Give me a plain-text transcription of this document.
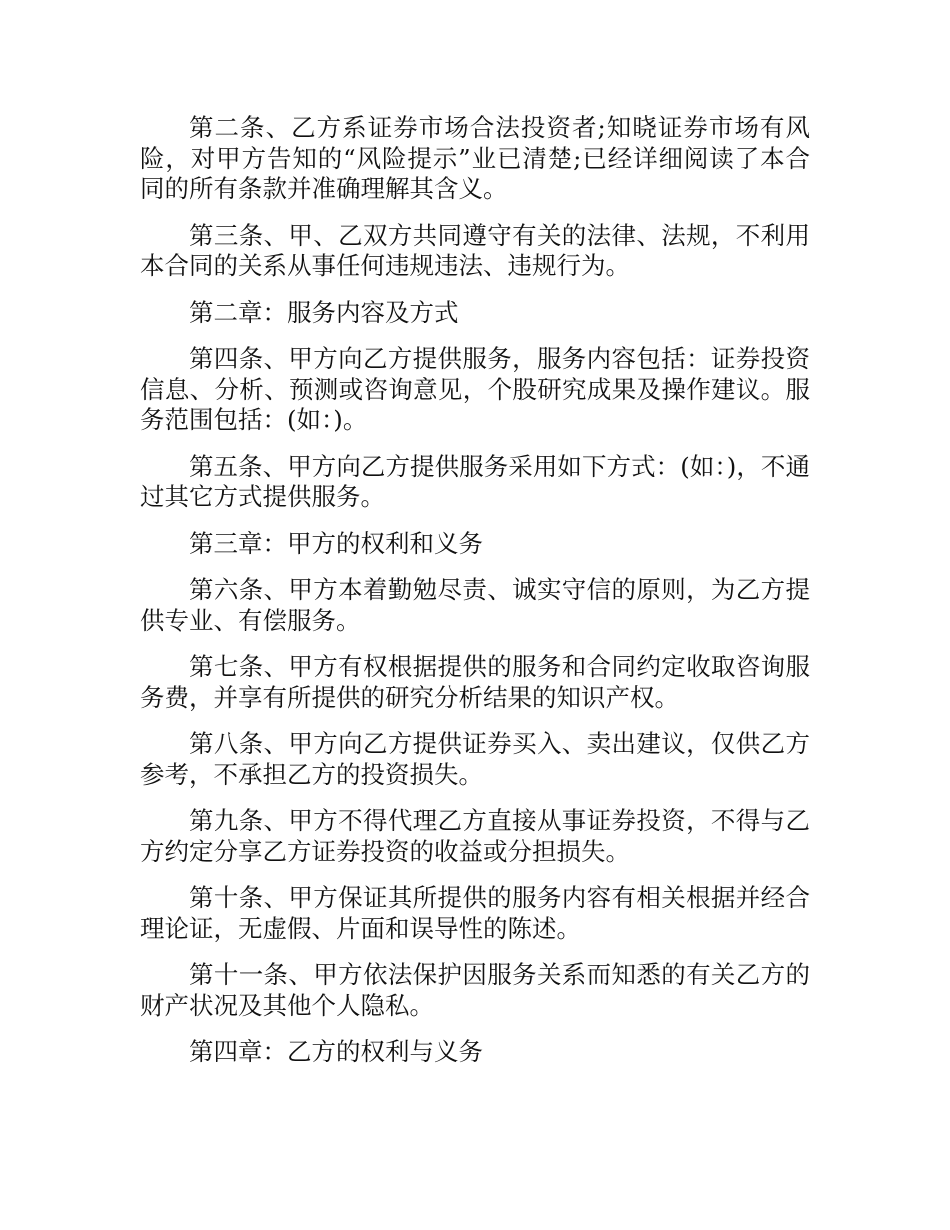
第二条、乙方系证券市场合法投资者;知晓证券市场有风险，对甲方告知的“风险提示”业已清楚;已经详细阅读了本合同的所有条款并准确理解其含义。

第三条、甲、乙双方共同遵守有关的法律、法规，不利用本合同的关系从事任何违规违法、违规行为。

第二章：服务内容及方式

第四条、甲方向乙方提供服务，服务内容包括：证券投资信息、分析、预测或咨询意见，个股研究成果及操作建议。服务范围包括：(如：)。

第五条、甲方向乙方提供服务采用如下方式：(如：)，不通过其它方式提供服务。

第三章：甲方的权利和义务

第六条、甲方本着勤勉尽责、诚实守信的原则，为乙方提供专业、有偿服务。

第七条、甲方有权根据提供的服务和合同约定收取咨询服务费，并享有所提供的研究分析结果的知识产权。

第八条、甲方向乙方提供证券买入、卖出建议，仅供乙方参考，不承担乙方的投资损失。

第九条、甲方不得代理乙方直接从事证券投资，不得与乙方约定分享乙方证券投资的收益或分担损失。

第十条、甲方保证其所提供的服务内容有相关根据并经合理论证，无虚假、片面和误导性的陈述。

第十一条、甲方依法保护因服务关系而知悉的有关乙方的财产状况及其他个人隐私。

第四章：乙方的权利与义务
